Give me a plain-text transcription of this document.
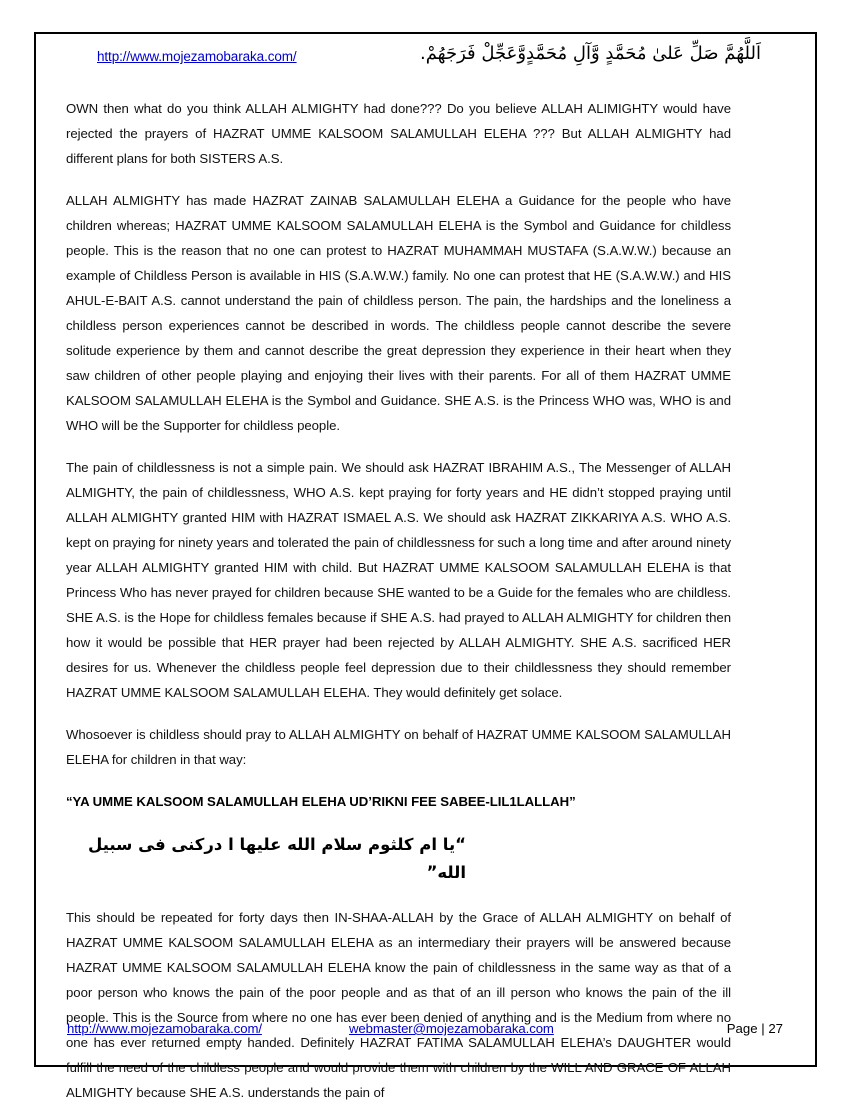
http://www.mojezamobaraka.com/	اَللَّهُمَّ صَلِّ عَلىٰ مُحَمَّدٍ وَّآلِ مُحَمَّدٍوَّعَجِّلْ فَرَجَهُمْ.

OWN then what do you think ALLAH ALMIGHTY had done??? Do you believe ALLAH ALIMIGHTY would have rejected the prayers of HAZRAT UMME KALSOOM SALAMULLAH ELEHA ??? But ALLAH ALMIGHTY had different plans for both SISTERS A.S.

ALLAH ALMIGHTY has made HAZRAT ZAINAB SALAMULLAH ELEHA a Guidance for the people who have children whereas; HAZRAT UMME KALSOOM SALAMULLAH ELEHA is the Symbol and Guidance for childless people. This is the reason that no one can protest to HAZRAT MUHAMMAH MUSTAFA (S.A.W.W.) because an example of Childless Person is available in HIS (S.A.W.W.) family. No one can protest that HE (S.A.W.W.) and HIS AHUL-E-BAIT A.S. cannot understand the pain of childless person. The pain, the hardships and the loneliness a childless person experiences cannot be described in words. The childless people cannot describe the severe solitude experience by them and cannot describe the great depression they experience in their heart when they saw children of other people playing and enjoying their lives with their parents. For all of them HAZRAT UMME KALSOOM SALAMULLAH ELEHA is the Symbol and Guidance. SHE A.S. is the Princess WHO was, WHO is and WHO will be the Supporter for childless people.

The pain of childlessness is not a simple pain. We should ask HAZRAT IBRAHIM A.S., The Messenger of ALLAH ALMIGHTY, the pain of childlessness, WHO A.S. kept praying for forty years and HE didn’t stopped praying until ALLAH ALMIGHTY granted HIM with HAZRAT ISMAEL A.S. We should ask HAZRAT ZIKKARIYA A.S. WHO A.S. kept on praying for ninety years and tolerated the pain of childlessness for such a long time and after around ninety year ALLAH ALMIGHTY granted HIM with child. But HAZRAT UMME KALSOOM SALAMULLAH ELEHA is that Princess Who has never prayed for children because SHE wanted to be a Guide for the females who are childless. SHE A.S. is the Hope for childless females because if SHE A.S. had prayed to ALLAH ALMIGHTY for children then how it would be possible that HER prayer had been rejected by ALLAH ALMIGHTY. SHE A.S. sacrificed HER desires for us. Whenever the childless people feel depression due to their childlessness they should remember HAZRAT UMME KALSOOM SALAMULLAH ELEHA. They would definitely get solace.

Whosoever is childless should pray to ALLAH ALMIGHTY on behalf of HAZRAT UMME KALSOOM SALAMULLAH ELEHA for children in that way:

“YA UMME KALSOOM SALAMULLAH ELEHA UD’RIKNI FEE SABEE-LIL1LALLAH”

“يا ام كلثوم سلام الله عليها ا دركنى فى سبيل الله”

This should be repeated for forty days then IN-SHAA-ALLAH by the Grace of ALLAH ALMIGHTY on behalf of HAZRAT UMME KALSOOM SALAMULLAH ELEHA as an intermediary their prayers will be answered because HAZRAT UMME KALSOOM SALAMULLAH ELEHA know the pain of childlessness in the same way as that of a poor person who knows the pain of the poor people and as that of an ill person who knows the pain of the ill people. This is the Source from where no one has ever been denied of anything and is the Medium from where no one has ever returned empty handed. Definitely HAZRAT FATIMA SALAMULLAH ELEHA’s DAUGHTER would fulfill the need of the childless people and would provide them with children by the WILL AND GRACE OF ALLAH ALMIGHTY because SHE A.S. understands the pain of

http://www.mojezamobaraka.com/	webmaster@mojezamobaraka.com	Page | 27
